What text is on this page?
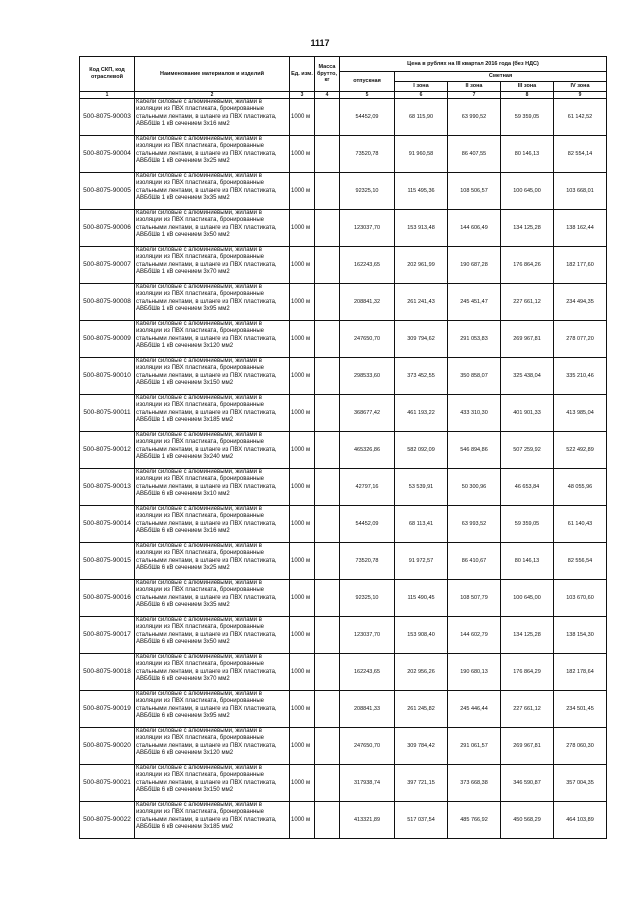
1117
Код СКП, код отраслевой	Наименование материалов и изделий	Ед. изм.	Масса брутто, кг	Цена в рублях на III квартал 2016 года (без НДС)				
				отпускная	Сметная			
					I зона	II зона	III зона	IV зона
1	2	3	4	5	6	7	8	9
500-8075-90003	Кабели силовые с алюминиевыми, жилами в изоляции из ПВХ пластиката, бронированные стальными лентами, в шланге из ПВХ пластиката, АВБбШв 1 кВ сечением 3х16 мм2	1000 м		54452,09	68 115,90	63 990,52	59 359,05	61 142,52
500-8075-90004	Кабели силовые с алюминиевыми, жилами в изоляции из ПВХ пластиката, бронированные стальными лентами, в шланге из ПВХ пластиката, АВБбШв 1 кВ сечением 3х25 мм2	1000 м		73520,78	91 960,58	86 407,55	80 146,13	82 554,14
500-8075-90005	Кабели силовые с алюминиевыми, жилами в изоляции из ПВХ пластиката, бронированные стальными лентами, в шланге из ПВХ пластиката, АВБбШв 1 кВ сечением 3х35 мм2	1000 м		92325,10	115 495,36	108 506,57	100 645,00	103 668,01
500-8075-90006	Кабели силовые с алюминиевыми, жилами в изоляции из ПВХ пластиката, бронированные стальными лентами, в шланге из ПВХ пластиката, АВБбШв 1 кВ сечением 3х50 мм2	1000 м		123037,70	153 913,48	144 606,49	134 125,28	138 162,44
500-8075-90007	Кабели силовые с алюминиевыми, жилами в изоляции из ПВХ пластиката, бронированные стальными лентами, в шланге из ПВХ пластиката, АВБбШв 1 кВ сечением 3х70 мм2	1000 м		162243,65	202 961,99	190 687,28	176 864,26	182 177,60
500-8075-90008	Кабели силовые с алюминиевыми, жилами в изоляции из ПВХ пластиката, бронированные стальными лентами, в шланге из ПВХ пластиката, АВБбШв 1 кВ сечением 3х95 мм2	1000 м		208841,32	261 241,43	245 451,47	227 661,12	234 494,35
500-8075-90009	Кабели силовые с алюминиевыми, жилами в изоляции из ПВХ пластиката, бронированные стальными лентами, в шланге из ПВХ пластиката, АВБбШв 1 кВ сечением 3х120 мм2	1000 м		247650,70	309 794,62	291 053,83	269 967,81	278 077,20
500-8075-90010	Кабели силовые с алюминиевыми, жилами в изоляции из ПВХ пластиката, бронированные стальными лентами, в шланге из ПВХ пластиката, АВБбШв 1 кВ сечением 3х150 мм2	1000 м		298533,60	373 452,55	350 858,07	325 438,04	335 210,46
500-8075-90011	Кабели силовые с алюминиевыми, жилами в изоляции из ПВХ пластиката, бронированные стальными лентами, в шланге из ПВХ пластиката, АВБбШв 1 кВ сечением 3х185 мм2	1000 м		368677,42	461 193,22	433 310,30	401 901,33	413 985,04
500-8075-90012	Кабели силовые с алюминиевыми, жилами в изоляции из ПВХ пластиката, бронированные стальными лентами, в шланге из ПВХ пластиката, АВБбШв 1 кВ сечением 3х240 мм2	1000 м		465326,86	582 092,09	546 894,86	507 259,92	522 492,89
500-8075-90013	Кабели силовые с алюминиевыми, жилами в изоляции из ПВХ пластиката, бронированные стальными лентами, в шланге из ПВХ пластиката, АВБбШв 6 кВ сечением 3х10 мм2	1000 м		42797,16	53 539,91	50 300,96	46 653,84	48 055,96
500-8075-90014	Кабели силовые с алюминиевыми, жилами в изоляции из ПВХ пластиката, бронированные стальными лентами, в шланге из ПВХ пластиката, АВБбШв 6 кВ сечением 3х16 мм2	1000 м		54452,09	68 113,41	63 993,52	59 359,05	61 140,43
500-8075-90015	Кабели силовые с алюминиевыми, жилами в изоляции из ПВХ пластиката, бронированные стальными лентами, в шланге из ПВХ пластиката, АВБбШв 6 кВ сечением 3х25 мм2	1000 м		73520,78	91 972,57	86 410,67	80 146,13	82 556,54
500-8075-90016	Кабели силовые с алюминиевыми, жилами в изоляции из ПВХ пластиката, бронированные стальными лентами, в шланге из ПВХ пластиката, АВБбШв 6 кВ сечением 3х35 мм2	1000 м		92325,10	115 490,45	108 507,79	100 645,00	103 670,60
500-8075-90017	Кабели силовые с алюминиевыми, жилами в изоляции из ПВХ пластиката, бронированные стальными лентами, в шланге из ПВХ пластиката, АВБбШв 6 кВ сечением 3х50 мм2	1000 м		123037,70	153 908,40	144 602,79	134 125,28	138 154,30
500-8075-90018	Кабели силовые с алюминиевыми, жилами в изоляции из ПВХ пластиката, бронированные стальными лентами, в шланге из ПВХ пластиката, АВБбШв 6 кВ сечением 3х70 мм2	1000 м		162243,65	202 956,26	190 680,13	176 864,29	182 178,64
500-8075-90019	Кабели силовые с алюминиевыми, жилами в изоляции из ПВХ пластиката, бронированные стальными лентами, в шланге из ПВХ пластиката, АВБбШв 6 кВ сечением 3х95 мм2	1000 м		208841,33	261 245,82	245 446,44	227 661,12	234 501,45
500-8075-90020	Кабели силовые с алюминиевыми, жилами в изоляции из ПВХ пластиката, бронированные стальными лентами, в шланге из ПВХ пластиката, АВБбШв 6 кВ сечением 3х120 мм2	1000 м		247650,70	309 784,42	291 061,57	269 967,81	278 060,30
500-8075-90021	Кабели силовые с алюминиевыми, жилами в изоляции из ПВХ пластиката, бронированные стальными лентами, в шланге из ПВХ пластиката, АВБбШв 6 кВ сечением 3х150 мм2	1000 м		317938,74	397 721,15	373 668,38	346 590,87	357 004,35
500-8075-90022	Кабели силовые с алюминиевыми, жилами в изоляции из ПВХ пластиката, бронированные стальными лентами, в шланге из ПВХ пластиката, АВБбШв 6 кВ сечением 3х185 мм2	1000 м		413321,89	517 037,54	485 766,92	450 568,29	464 103,89
